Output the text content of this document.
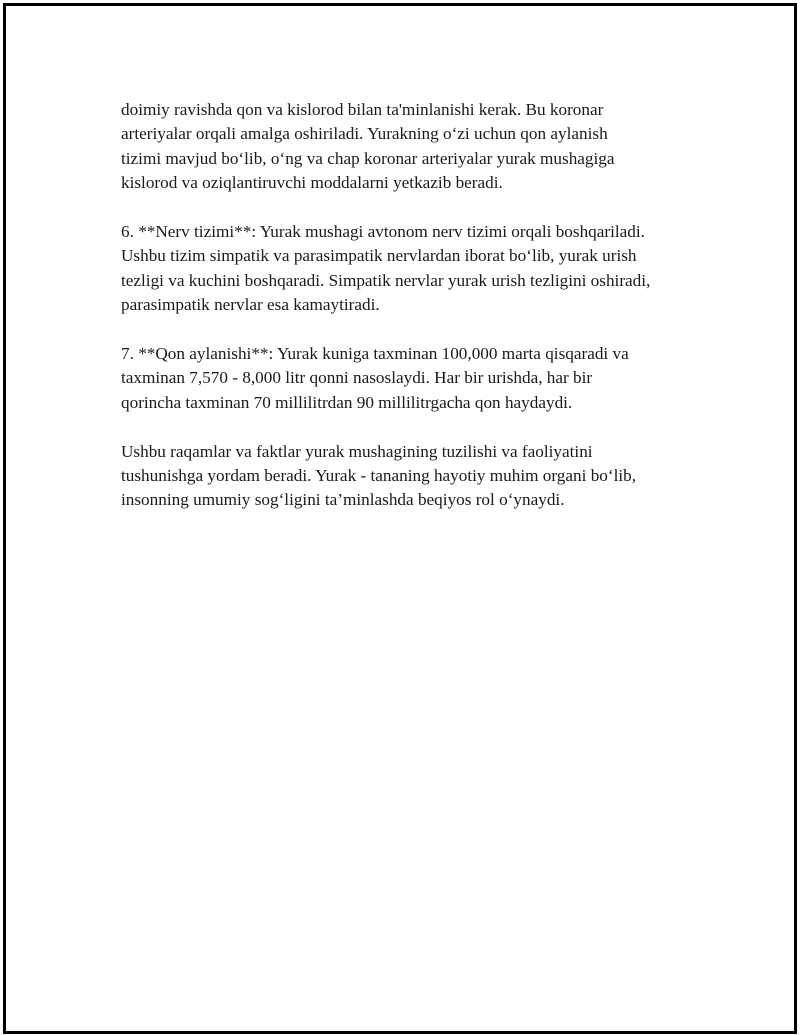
doimiy ravishda qon va kislorod bilan ta'minlanishi kerak. Bu koronar
arteriyalar orqali amalga oshiriladi. Yurakning o‘zi uchun qon aylanish
tizimi mavjud bo‘lib, o‘ng va chap koronar arteriyalar yurak mushagiga
kislorod va oziqlantiruvchi moddalarni yetkazib beradi.

6. **Nerv tizimi**: Yurak mushagi avtonom nerv tizimi orqali boshqariladi.
Ushbu tizim simpatik va parasimpatik nervlardan iborat bo‘lib, yurak urish
tezligi va kuchini boshqaradi. Simpatik nervlar yurak urish tezligini oshiradi,
parasimpatik nervlar esa kamaytiradi.

7. **Qon aylanishi**: Yurak kuniga taxminan 100,000 marta qisqaradi va
taxminan 7,570 - 8,000 litr qonni nasoslaydi. Har bir urishda, har bir
qorincha taxminan 70 millilitrdan 90 millilitrgacha qon haydaydi.

Ushbu raqamlar va faktlar yurak mushagining tuzilishi va faoliyatini
tushunishga yordam beradi. Yurak - tananing hayotiy muhim organi bo‘lib,
insonning umumiy sog‘ligini ta’minlashda beqiyos rol o‘ynaydi.
